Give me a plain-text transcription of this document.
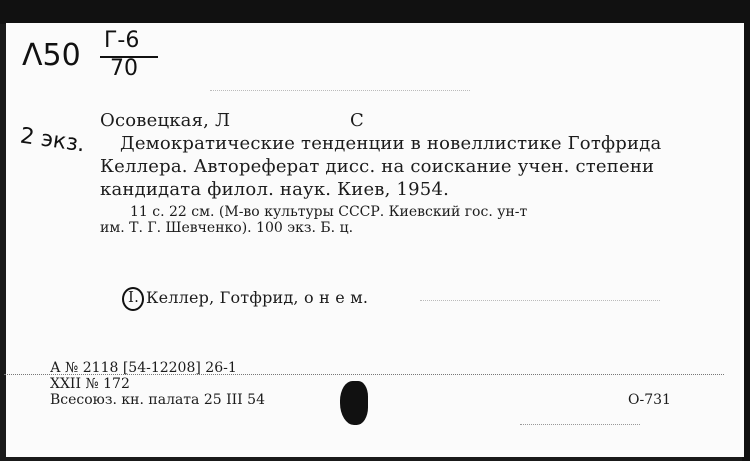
Λ50 Г-6
70
2 экз.
Осовецкая, Л	С
Демократические тенденции в новеллистике Готфрида
Келлера. Автореферат дисс. на соискание учен. степени
кандидата филол. наук. Киев, 1954.
11 с. 22 см. (М-во культуры СССР. Киевский гос. ун-т
им. Т. Г. Шевченко). 100 экз. Б. ц.
I. Келлер, Готфрид, о н е м.
А № 2118 [54-12208] 26-1
XXII № 172
Всесоюз. кн. палата 25 III 54	О-731
